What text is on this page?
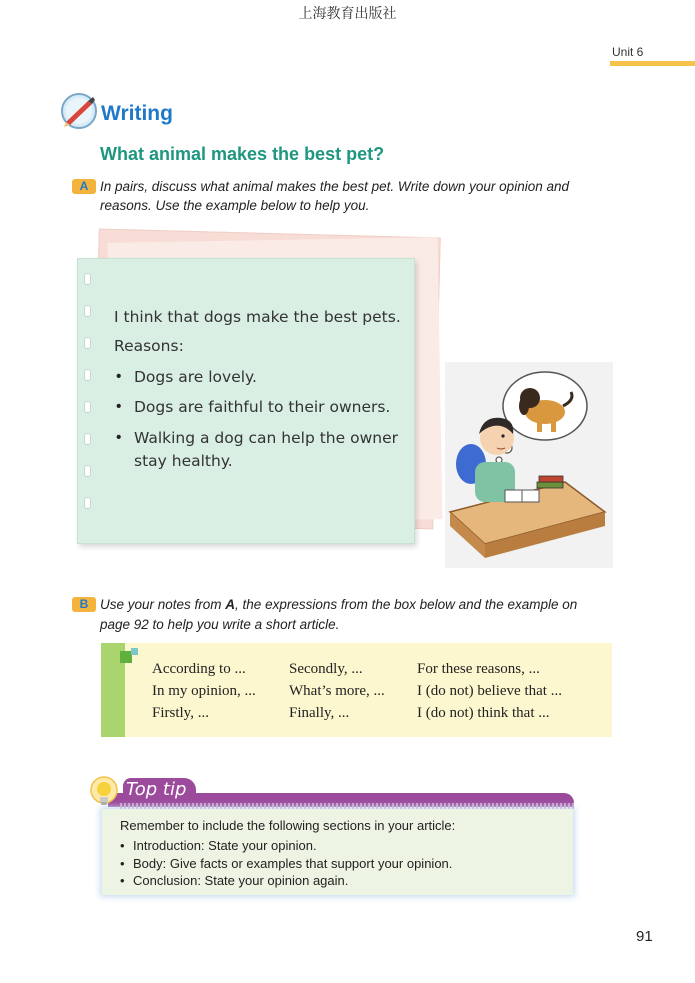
上海教育出版社
Unit 6
Writing
What animal makes the best pet?
A In pairs, discuss what animal makes the best pet. Write down your opinion and
reasons. Use the example below to help you.
I think that dogs make the best pets.
Reasons:
• Dogs are lovely.
• Dogs are faithful to their owners.
• Walking a dog can help the owner
stay healthy.
B Use your notes from A, the expressions from the box below and the example on
page 92 to help you write a short article.
According to ...
In my opinion, ...
Firstly, ...
Secondly, ...
What’s more, ...
Finally, ...
For these reasons, ...
I (do not) believe that ...
I (do not) think that ...
Top tip
Remember to include the following sections in your article:
• Introduction: State your opinion.
• Body: Give facts or examples that support your opinion.
• Conclusion: State your opinion again.
91
